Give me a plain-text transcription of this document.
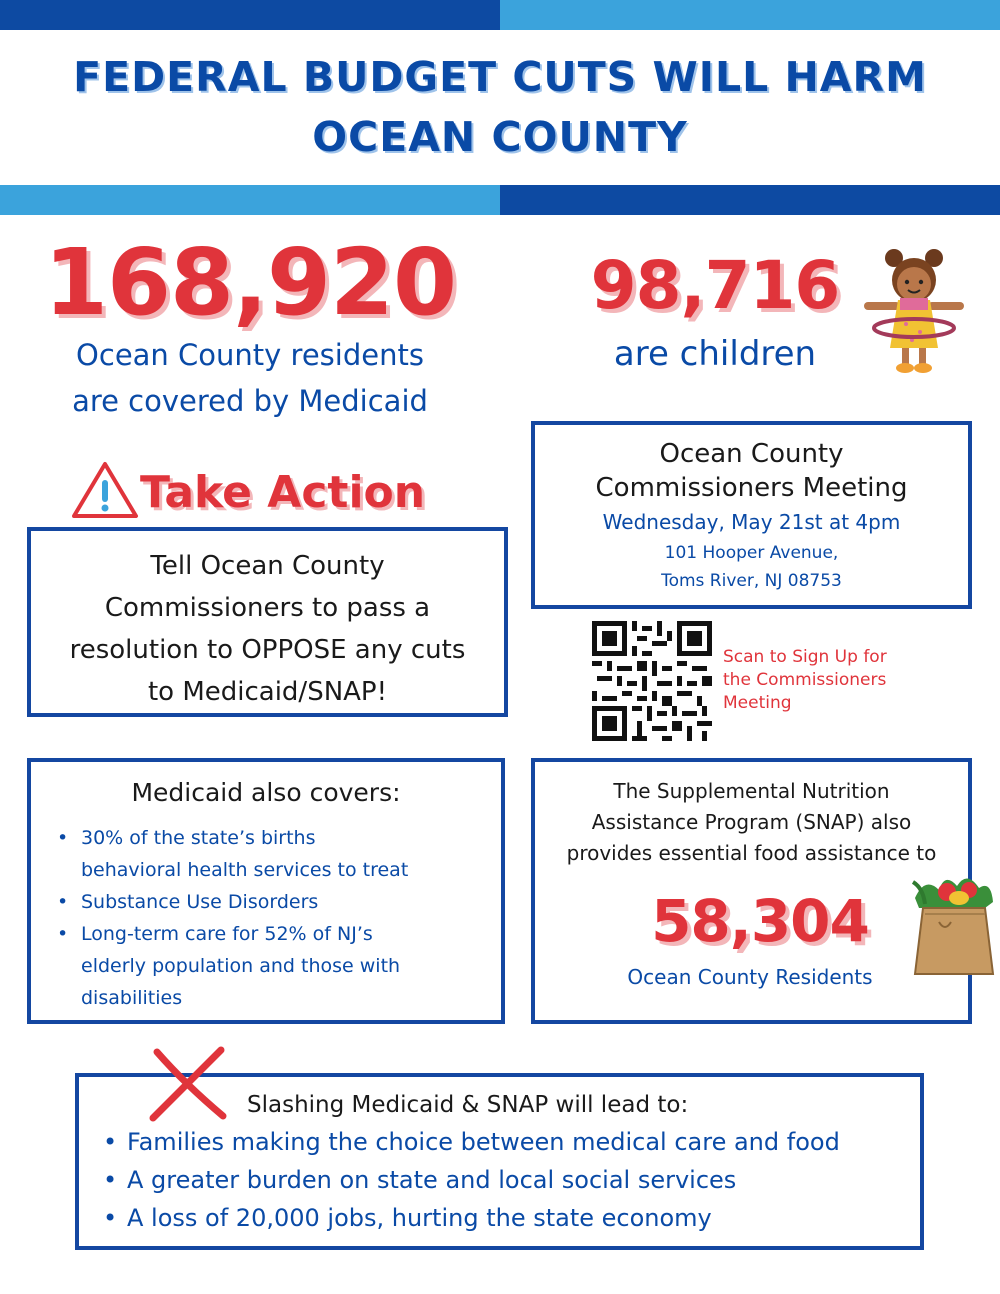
FEDERAL BUDGET CUTS WILL HARM
OCEAN COUNTY
168,920
Ocean County residents
are covered by Medicaid
98,716
are children
Take Action
Tell Ocean County
Commissioners to pass a
resolution to OPPOSE any cuts
to Medicaid/SNAP!
Ocean County
Commissioners Meeting
Wednesday, May 21st at 4pm
101 Hooper Avenue,
Toms River, NJ 08753
Scan to Sign Up for
the Commissioners
Meeting
Medicaid also covers:
• 30% of the state’s births
behavioral health services to treat
• Substance Use Disorders
• Long-term care for 52% of NJ’s
elderly population and those with
disabilities
The Supplemental Nutrition
Assistance Program (SNAP) also
provides essential food assistance to
58,304
Ocean County Residents
Slashing Medicaid & SNAP will lead to:
• Families making the choice between medical care and food
• A greater burden on state and local social services
• A loss of 20,000 jobs, hurting the state economy
